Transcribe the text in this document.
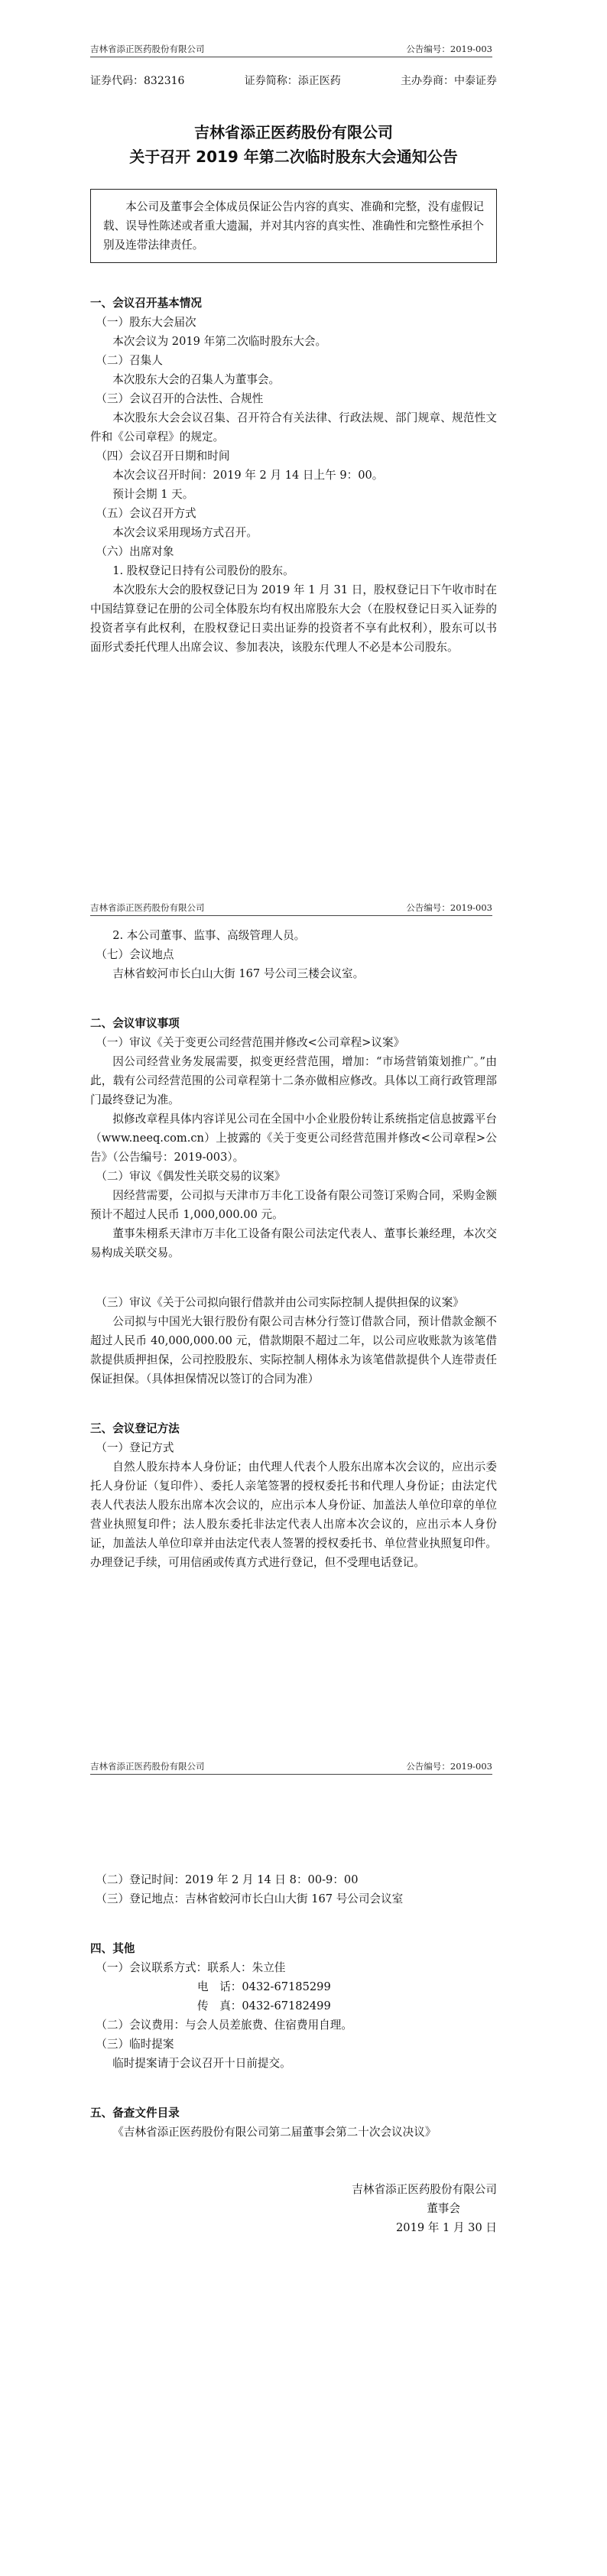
吉林省添正医药股份有限公司	公告编号：2019-003
证券代码：832316	证券简称：添正医药	主办券商：中泰证券

吉林省添正医药股份有限公司

关于召开 2019 年第二次临时股东大会通知公告

本公司及董事会全体成员保证公告内容的真实、准确和完整，没有虚假记载、误导性陈述或者重大遗漏，并对其内容的真实性、准确性和完整性承担个别及连带法律责任。

一、会议召开基本情况

（一）股东大会届次

本次会议为 2019 年第二次临时股东大会。

（二）召集人

本次股东大会的召集人为董事会。

（三）会议召开的合法性、合规性

本次股东大会会议召集、召开符合有关法律、行政法规、部门规章、规范性文件和《公司章程》的规定。

（四）会议召开日期和时间

本次会议召开时间：2019 年 2 月 14 日上午 9：00。

预计会期 1 天。

（五）会议召开方式

本次会议采用现场方式召开。

（六）出席对象

1. 股权登记日持有公司股份的股东。

本次股东大会的股权登记日为 2019 年 1 月 31 日，股权登记日下午收市时在中国结算登记在册的公司全体股东均有权出席股东大会（在股权登记日买入证券的投资者享有此权利，在股权登记日卖出证券的投资者不享有此权利），股东可以书面形式委托代理人出席会议、参加表决，该股东代理人不必是本公司股东。

吉林省添正医药股份有限公司	公告编号：2019-003

2. 本公司董事、监事、高级管理人员。

（七）会议地点

吉林省蛟河市长白山大街 167 号公司三楼会议室。

二、会议审议事项

（一）审议《关于变更公司经营范围并修改<公司章程>议案》

因公司经营业务发展需要，拟变更经营范围，增加：“市场营销策划推广。”由此，载有公司经营范围的公司章程第十二条亦做相应修改。具体以工商行政管理部门最终登记为准。

拟修改章程具体内容详见公司在全国中小企业股份转让系统指定信息披露平台（www.neeq.com.cn）上披露的《关于变更公司经营范围并修改<公司章程>公告》（公告编号：2019-003）。

（二）审议《偶发性关联交易的议案》

因经营需要，公司拟与天津市万丰化工设备有限公司签订采购合同，采购金额预计不超过人民币 1,000,000.00 元。

董事朱栩系天津市万丰化工设备有限公司法定代表人、董事长兼经理，本次交易构成关联交易。

（三）审议《关于公司拟向银行借款并由公司实际控制人提供担保的议案》

公司拟与中国光大银行股份有限公司吉林分行签订借款合同，预计借款金额不超过人民币 40,000,000.00 元，借款期限不超过二年，以公司应收账款为该笔借款提供质押担保，公司控股股东、实际控制人栩体永为该笔借款提供个人连带责任保证担保。（具体担保情况以签订的合同为准）

三、会议登记方法

（一）登记方式

自然人股东持本人身份证；由代理人代表个人股东出席本次会议的，应出示委托人身份证（复印件）、委托人亲笔签署的授权委托书和代理人身份证；由法定代表人代表法人股东出席本次会议的，应出示本人身份证、加盖法人单位印章的单位营业执照复印件；法人股东委托非法定代表人出席本次会议的，应出示本人身份证，加盖法人单位印章并由法定代表人签署的授权委托书、单位营业执照复印件。办理登记手续，可用信函或传真方式进行登记，但不受理电话登记。

吉林省添正医药股份有限公司	公告编号：2019-003

（二）登记时间：2019 年 2 月 14 日 8：00-9：00

（三）登记地点：吉林省蛟河市长白山大街 167 号公司会议室

四、其他

（一）会议联系方式：联系人：朱立佳

电　话：0432-67185299

传　真：0432-67182499

（二）会议费用：与会人员差旅费、住宿费用自理。

（三）临时提案

临时提案请于会议召开十日前提交。

五、备查文件目录

《吉林省添正医药股份有限公司第二届董事会第二十次会议决议》

吉林省添正医药股份有限公司

董事会

2019 年 1 月 30 日
